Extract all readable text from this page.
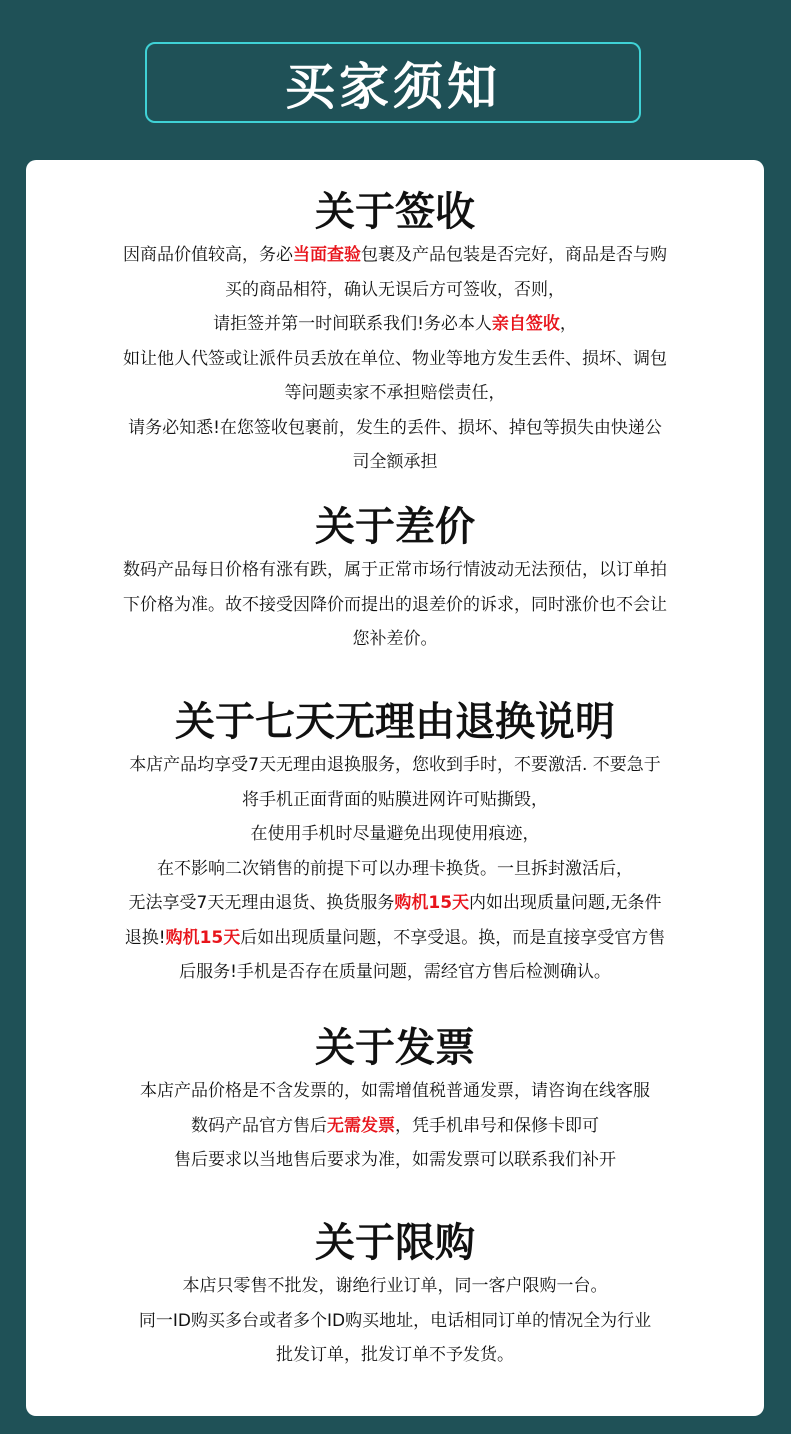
买家须知
关于签收
因商品价值较高，务必当面查验包裹及产品包装是否完好，商品是否与购
买的商品相符，确认无误后方可签收，否则，
请拒签并第一时间联系我们!务必本人亲自签收，
如让他人代签或让派件员丢放在单位、物业等地方发生丢件、损坏、调包
等问题卖家不承担赔偿责任，
请务必知悉!在您签收包裹前，发生的丢件、损坏、掉包等损失由快递公
司全额承担
关于差价
数码产品每日价格有涨有跌，属于正常市场行情波动无法预估，以订单拍
下价格为准。故不接受因降价而提出的退差价的诉求，同时涨价也不会让
您补差价。
关于七天无理由退换说明
本店产品均享受7天无理由退换服务，您收到手时，不要激活. 不要急于
将手机正面背面的贴膜进网许可贴撕毁，
在使用手机时尽量避免出现使用痕迹，
在不影响二次销售的前提下可以办理卡换货。一旦拆封激活后，
无法享受7天无理由退货、换货服务购机15天内如出现质量问题,无条件
退换!购机15天后如出现质量问题，不享受退。换，而是直接享受官方售
后服务!手机是否存在质量问题，需经官方售后检测确认。
关于发票
本店产品价格是不含发票的，如需增值税普通发票，请咨询在线客服
数码产品官方售后无需发票，凭手机串号和保修卡即可
售后要求以当地售后要求为准，如需发票可以联系我们补开
关于限购
本店只零售不批发，谢绝行业订单，同一客户限购一台。
同一ID购买多台或者多个ID购买地址，电话相同订单的情况全为行业
批发订单，批发订单不予发货。
